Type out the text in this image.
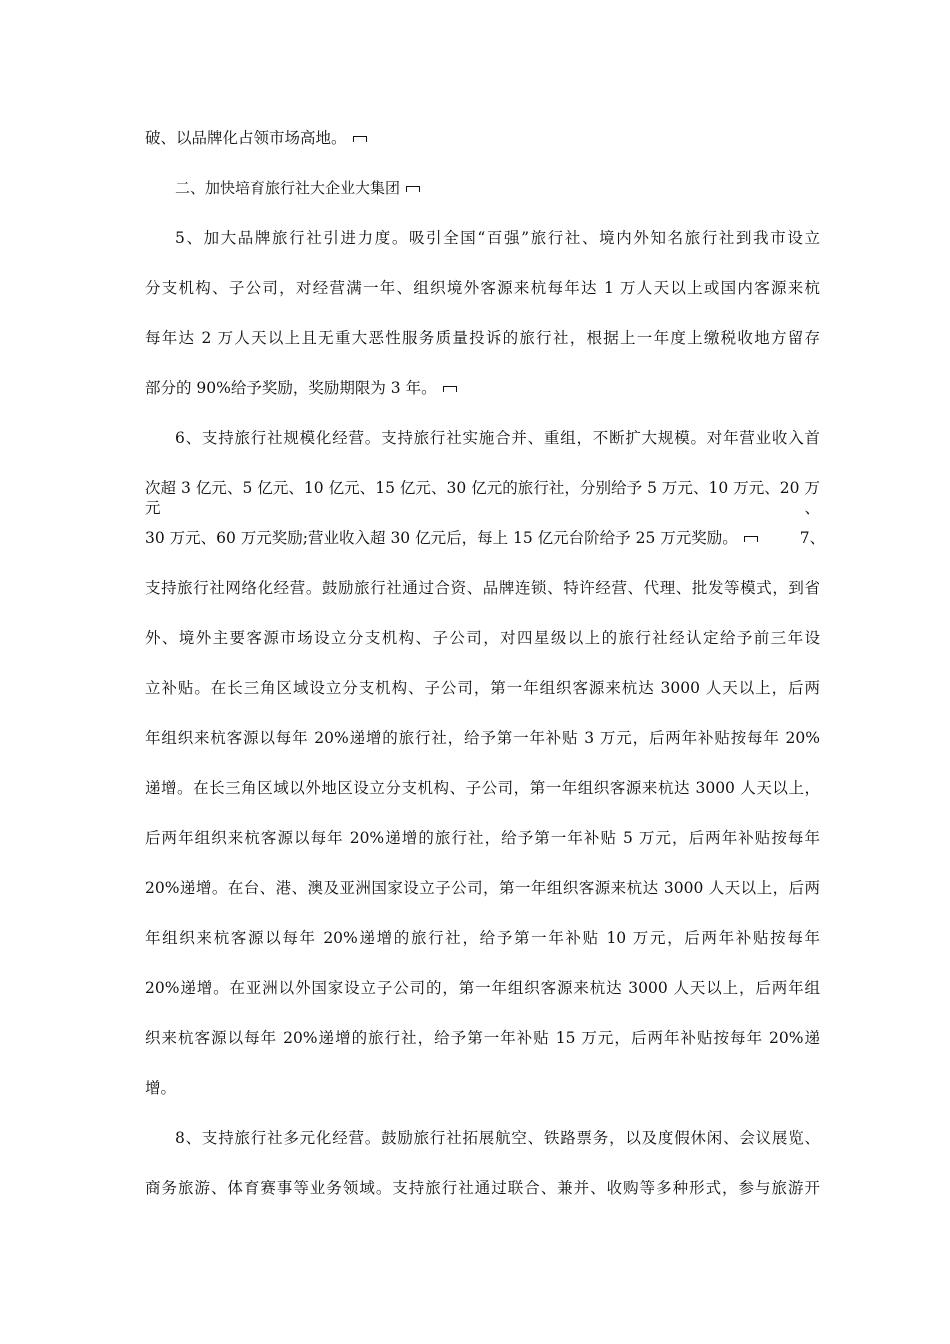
破、以品牌化占领市场高地。
二、加快培育旅行社大企业大集团
5、加大品牌旅行社引进力度。吸引全国“百强”旅行社、境内外知名旅行社到我市设立
分支机构、子公司，对经营满一年、组织境外客源来杭每年达 1 万人天以上或国内客源来杭
每年达 2 万人天以上且无重大恶性服务质量投诉的旅行社，根据上一年度上缴税收地方留存
部分的 90%给予奖励，奖励期限为 3 年。
6、支持旅行社规模化经营。支持旅行社实施合并、重组，不断扩大规模。对年营业收入首
次超 3 亿元、5 亿元、10 亿元、15 亿元、30 亿元的旅行社，分别给予 5 万元、10 万元、20 万元、
30 万元、60 万元奖励;营业收入超 30 亿元后，每上 15 亿元台阶给予 25 万元奖励。	7、
支持旅行社网络化经营。鼓励旅行社通过合资、品牌连锁、特许经营、代理、批发等模式，到省
外、境外主要客源市场设立分支机构、子公司，对四星级以上的旅行社经认定给予前三年设
立补贴。在长三角区域设立分支机构、子公司，第一年组织客源来杭达 3000 人天以上，后两
年组织来杭客源以每年 20%递增的旅行社，给予第一年补贴 3 万元，后两年补贴按每年 20%
递增。在长三角区域以外地区设立分支机构、子公司，第一年组织客源来杭达 3000 人天以上，
后两年组织来杭客源以每年 20%递增的旅行社，给予第一年补贴 5 万元，后两年补贴按每年
20%递增。在台、港、澳及亚洲国家设立子公司，第一年组织客源来杭达 3000 人天以上，后两
年组织来杭客源以每年 20%递增的旅行社，给予第一年补贴 10 万元，后两年补贴按每年
20%递增。在亚洲以外国家设立子公司的，第一年组织客源来杭达 3000 人天以上，后两年组
织来杭客源以每年 20%递增的旅行社，给予第一年补贴 15 万元，后两年补贴按每年 20%递
增。
8、支持旅行社多元化经营。鼓励旅行社拓展航空、铁路票务，以及度假休闲、会议展览、
商务旅游、体育赛事等业务领域。支持旅行社通过联合、兼并、收购等多种形式，参与旅游开
